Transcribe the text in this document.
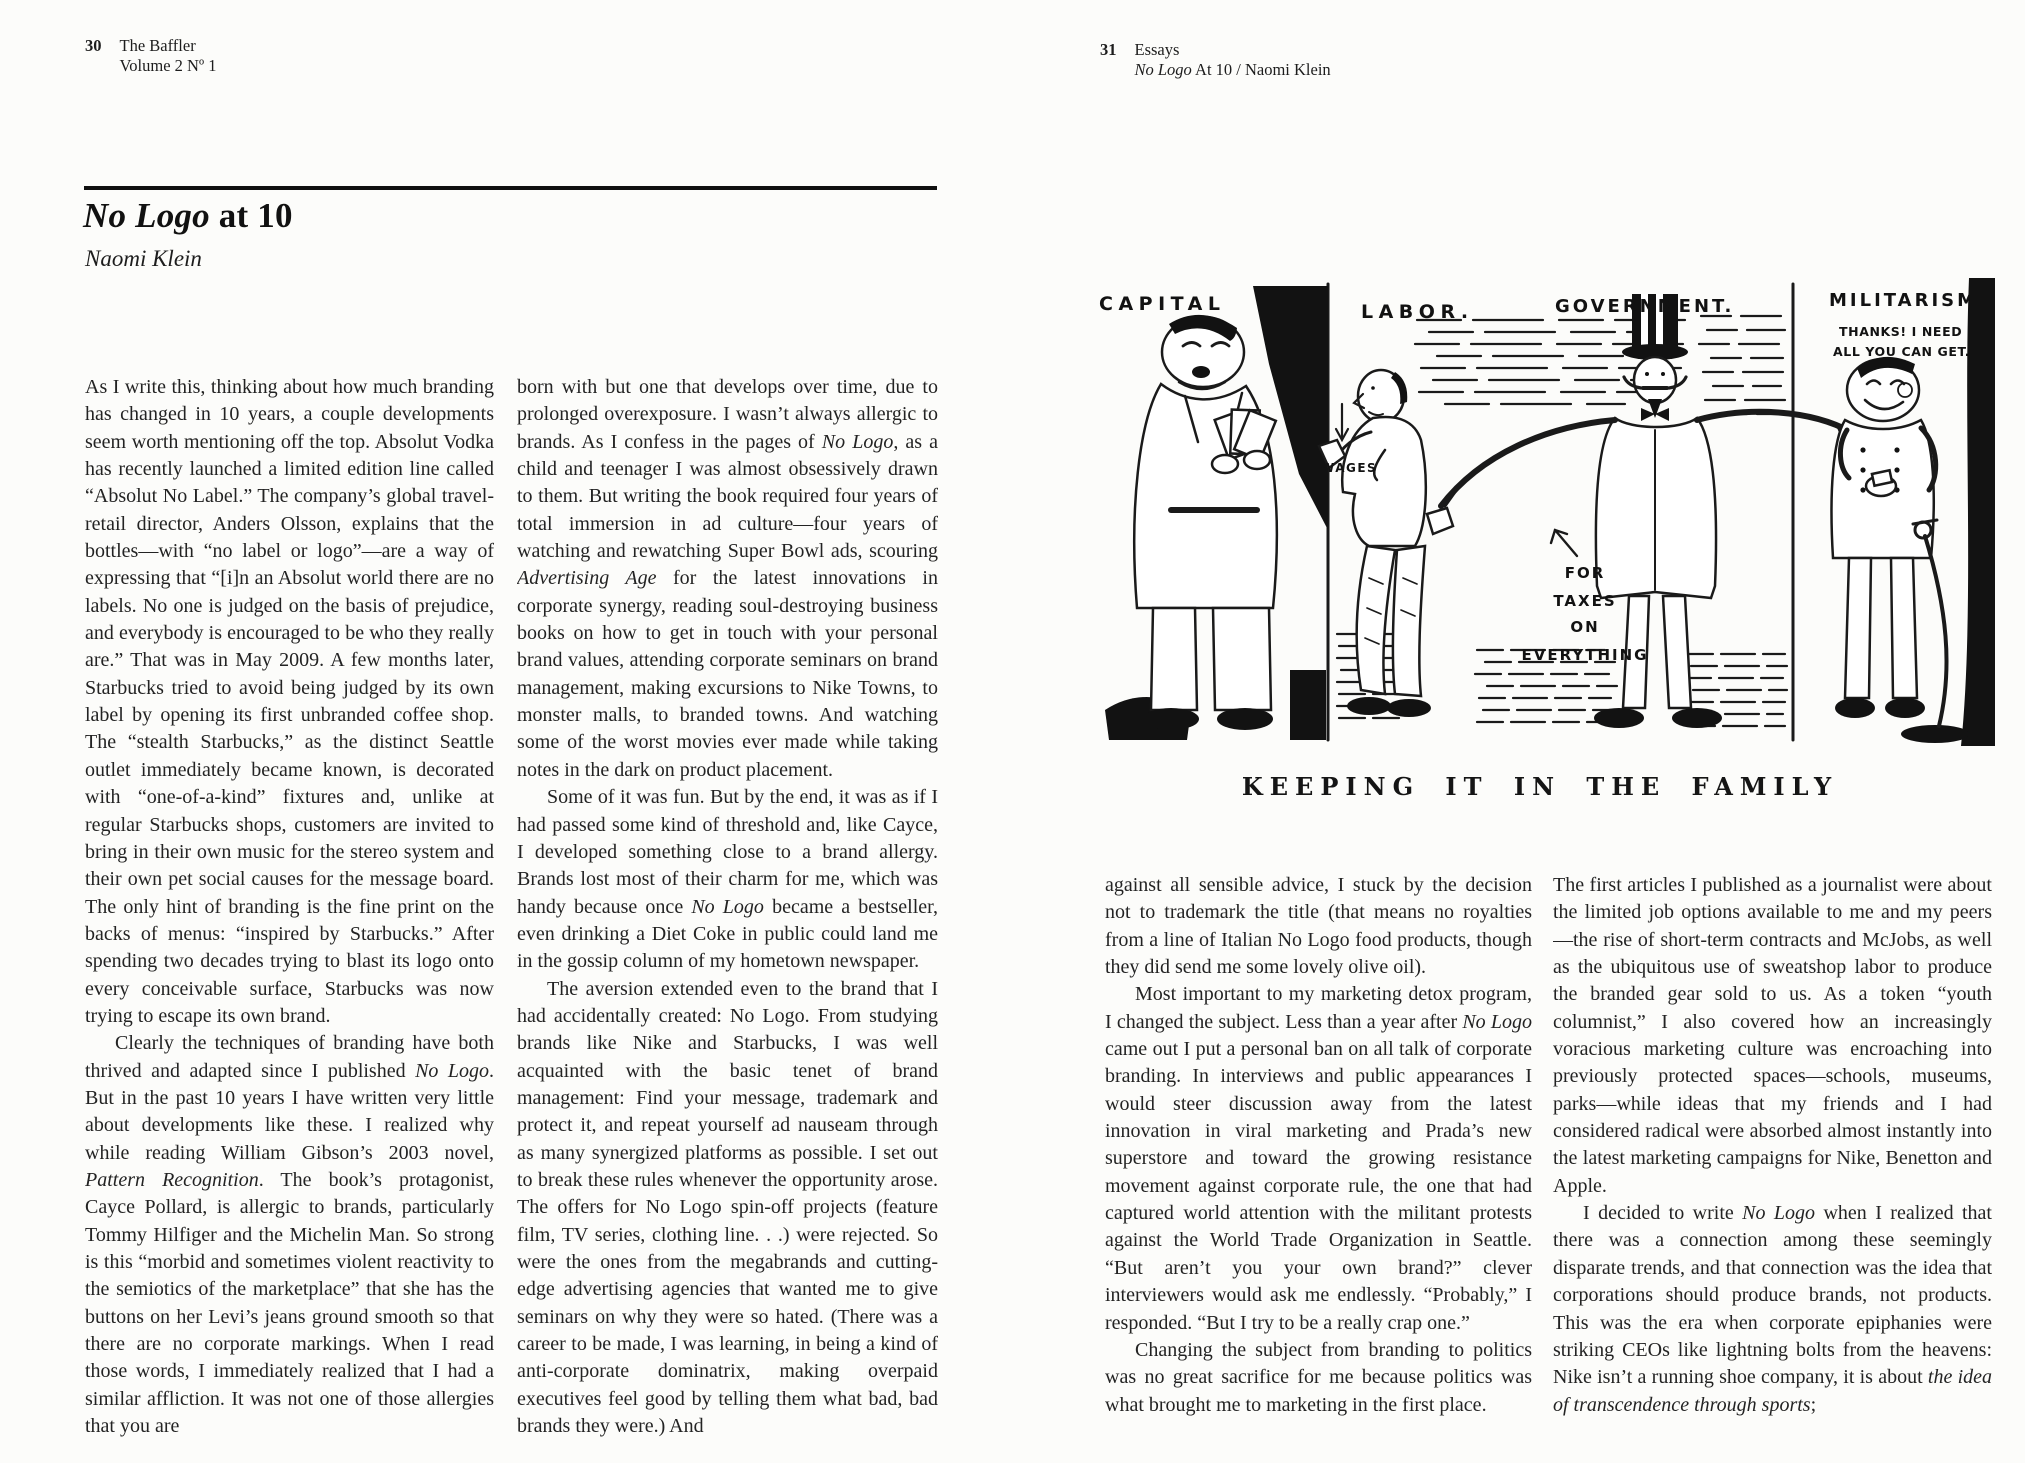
30 The Baffler
Volume 2 Nº 1
No Logo at 10
Naomi Klein

As I write this, thinking about how much branding has changed in 10 years, a couple developments seem worth mentioning off the top. Absolut Vodka has recently launched a limited edition line called “Absolut No Label.” The company’s global travel-retail director, Anders Olsson, explains that the bottles—with “no label or logo”—are a way of expressing that “[i]n an Absolut world there are no labels. No one is judged on the basis of prejudice, and everybody is encouraged to be who they really are.” That was in May 2009. A few months later, Starbucks tried to avoid being judged by its own label by opening its first unbranded coffee shop. The “stealth Starbucks,” as the distinct Seattle outlet immediately became known, is decorated with “one-of-a-kind” fixtures and, unlike at regular Starbucks shops, customers are invited to bring in their own music for the stereo system and their own pet social causes for the message board. The only hint of branding is the fine print on the backs of menus: “inspired by Starbucks.” After spending two decades trying to blast its logo onto every conceivable surface, Starbucks was now trying to escape its own brand.

Clearly the techniques of branding have both thrived and adapted since I published No Logo. But in the past 10 years I have written very little about developments like these. I realized why while reading William Gibson’s 2003 novel, Pattern Recognition. The book’s protagonist, Cayce Pollard, is allergic to brands, particularly Tommy Hilfiger and the Michelin Man. So strong is this “morbid and sometimes violent reactivity to the semiotics of the marketplace” that she has the buttons on her Levi’s jeans ground smooth so that there are no corporate markings. When I read those words, I immediately realized that I had a similar affliction. It was not one of those allergies that you are

born with but one that develops over time, due to prolonged overexposure. I wasn’t always allergic to brands. As I confess in the pages of No Logo, as a child and teenager I was almost obsessively drawn to them. But writing the book required four years of total immersion in ad culture—four years of watching and rewatching Super Bowl ads, scouring Advertising Age for the latest innovations in corporate synergy, reading soul-destroying business books on how to get in touch with your personal brand values, attending corporate seminars on brand management, making excursions to Nike Towns, to monster malls, to branded towns. And watching some of the worst movies ever made while taking notes in the dark on product placement.

Some of it was fun. But by the end, it was as if I had passed some kind of threshold and, like Cayce, I developed something close to a brand allergy. Brands lost most of their charm for me, which was handy because once No Logo became a bestseller, even drinking a Diet Coke in public could land me in the gossip column of my hometown newspaper.

The aversion extended even to the brand that I had accidentally created: No Logo. From studying brands like Nike and Starbucks, I was well acquainted with the basic tenet of brand management: Find your message, trademark and protect it, and repeat yourself ad nauseam through as many synergized platforms as possible. I set out to break these rules whenever the opportunity arose. The offers for No Logo spin-off projects (feature film, TV series, clothing line. . .) were rejected. So were the ones from the megabrands and cutting-edge advertising agencies that wanted me to give seminars on why they were so hated. (There was a career to be made, I was learning, in being a kind of anti-corporate dominatrix, making overpaid executives feel good by telling them what bad, bad brands they were.) And

31 Essays
No Logo At 10 / Naomi Klein
CAPITAL	LABOR.	GOVERNMENT.	MILITARISM.
THANKS! I NEED
ALL YOU CAN GET.
WAGES
FOR
TAXES
ON
EVERYTHING
KEEPING IT IN THE FAMILY

against all sensible advice, I stuck by the decision not to trademark the title (that means no royalties from a line of Italian No Logo food products, though they did send me some lovely olive oil).

Most important to my marketing detox program, I changed the subject. Less than a year after No Logo came out I put a personal ban on all talk of corporate branding. In interviews and public appearances I would steer discussion away from the latest innovation in viral marketing and Prada’s new superstore and toward the growing resistance movement against corporate rule, the one that had captured world attention with the militant protests against the World Trade Organization in Seattle. “But aren’t you your own brand?” clever interviewers would ask me endlessly. “Probably,” I responded. “But I try to be a really crap one.”

Changing the subject from branding to politics was no great sacrifice for me because politics was what brought me to marketing in the first place.

The first articles I published as a journalist were about the limited job options available to me and my peers—the rise of short-term contracts and McJobs, as well as the ubiquitous use of sweatshop labor to produce the branded gear sold to us. As a token “youth columnist,” I also covered how an increasingly voracious marketing culture was encroaching into previously protected spaces—schools, museums, parks—while ideas that my friends and I had considered radical were absorbed almost instantly into the latest marketing campaigns for Nike, Benetton and Apple.

I decided to write No Logo when I realized that there was a connection among these seemingly disparate trends, and that connection was the idea that corporations should produce brands, not products. This was the era when corporate epiphanies were striking CEOs like lightning bolts from the heavens: Nike isn’t a running shoe company, it is about the idea of transcendence through sports;
